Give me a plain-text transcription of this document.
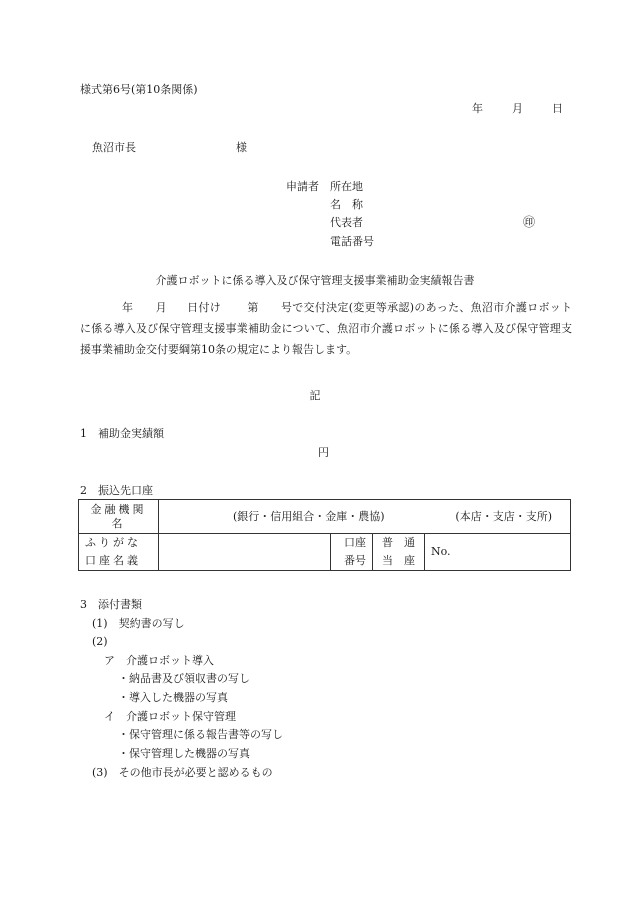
様式第6号(第10条関係)
年	月	日
魚沼市長	様
申請者 所在地
名　称
代表者	㊞
電話番号
介護ロボットに係る導入及び保守管理支援事業補助金実績報告書
年 月 日付け 第 号で交付決定(変更等承認)のあった、魚沼市介護ロボットに係る導入及び保守管理支援事業補助金について、魚沼市介護ロボットに係る導入及び保守管理支援事業補助金交付要綱第10条の規定により報告します。
記
1　補助金実績額
円
2　振込先口座
金融機関名	(銀行・信用組合・金庫・農協) (本店・支店・支所)			

ふりがな		口座	普　通	No.
口座名義		番号	当　座	
3　添付書類
(1)　契約書の写し
(2)
ア　介護ロボット導入
・納品書及び領収書の写し
・導入した機器の写真
イ　介護ロボット保守管理
・保守管理に係る報告書等の写し
・保守管理した機器の写真
(3)　その他市長が必要と認めるもの
